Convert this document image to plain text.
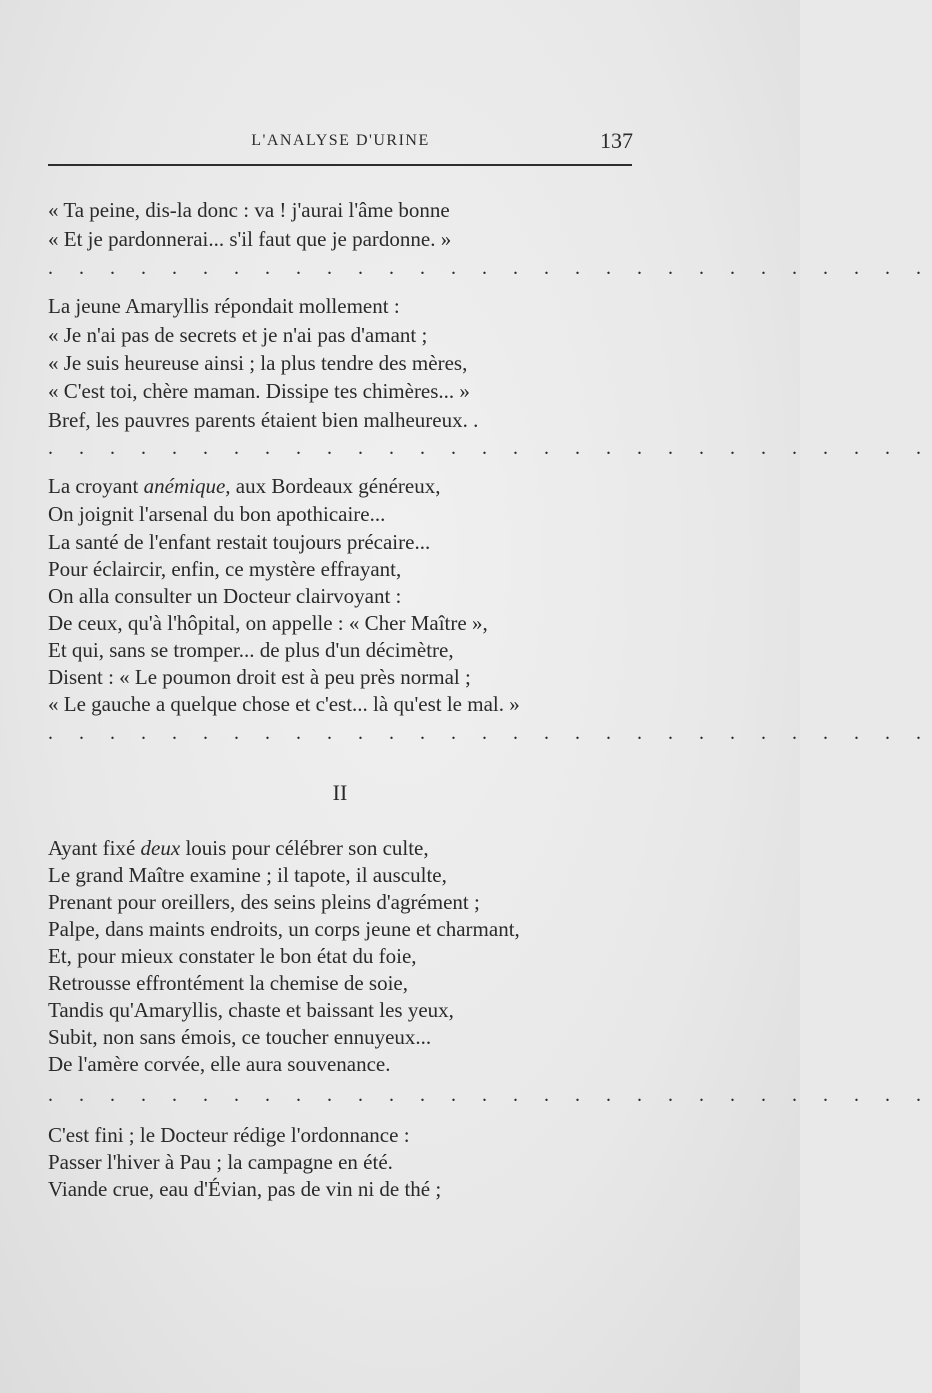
L'ANALYSE D'URINE	137
« Ta peine, dis-la donc : va ! j'aurai l'âme bonne
« Et je pardonnerai... s'il faut que je pardonne. »
. . . . . . . . . . . . . . . . . . . . . . . . . . . . .
La jeune Amaryllis répondait mollement :
« Je n'ai pas de secrets et je n'ai pas d'amant ;
« Je suis heureuse ainsi ; la plus tendre des mères,
« C'est toi, chère maman. Dissipe tes chimères... »
Bref, les pauvres parents étaient bien malheureux. .
. . . . . . . . . . . . . . . . . . . . . . . . . . . . .
La croyant anémique, aux Bordeaux généreux,
On joignit l'arsenal du bon apothicaire...
La santé de l'enfant restait toujours précaire...
Pour éclaircir, enfin, ce mystère effrayant,
On alla consulter un Docteur clairvoyant :
De ceux, qu'à l'hôpital, on appelle : « Cher Maître »,
Et qui, sans se tromper... de plus d'un décimètre,
Disent : « Le poumon droit est à peu près normal ;
« Le gauche a quelque chose et c'est... là qu'est le mal. »
. . . . . . . . . . . . . . . . . . . . . . . . . . . . .
II
Ayant fixé deux louis pour célébrer son culte,
Le grand Maître examine ; il tapote, il ausculte,
Prenant pour oreillers, des seins pleins d'agrément ;
Palpe, dans maints endroits, un corps jeune et charmant,
Et, pour mieux constater le bon état du foie,
Retrousse effrontément la chemise de soie,
Tandis qu'Amaryllis, chaste et baissant les yeux,
Subit, non sans émois, ce toucher ennuyeux...
De l'amère corvée, elle aura souvenance.
. . . . . . . . . . . . . . . . . . . . . . . . . . . . .
C'est fini ; le Docteur rédige l'ordonnance :
Passer l'hiver à Pau ; la campagne en été.
Viande crue, eau d'Évian, pas de vin ni de thé ;
